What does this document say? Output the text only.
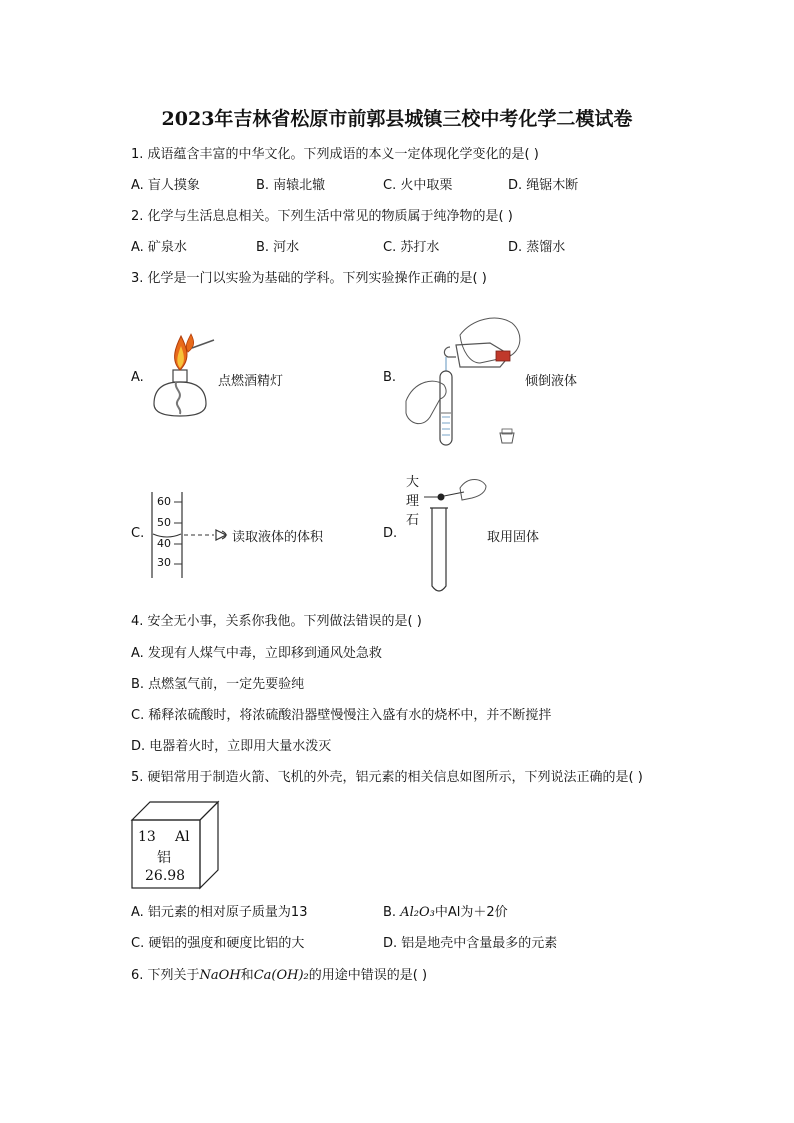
2023年吉林省松原市前郭县城镇三校中考化学二模试卷
1. 成语蕴含丰富的中华文化。下列成语的本义一定体现化学变化的是( )
A. 盲人摸象	B. 南辕北辙	C. 火中取栗	D. 绳锯木断
2. 化学与生活息息相关。下列生活中常见的物质属于纯净物的是( )
A. 矿泉水	B. 河水	C. 苏打水	D. 蒸馏水
3. 化学是一门以实验为基础的学科。下列实验操作正确的是( )
A.	点燃酒精灯	B.	倾倒液体
C.
60
50
40
30
读取液体的体积	D.
大
理
石
取用固体
4. 安全无小事，关系你我他。下列做法错误的是( )
A. 发现有人煤气中毒，立即移到通风处急救
B. 点燃氢气前，一定先要验纯
C. 稀释浓硫酸时，将浓硫酸沿器壁慢慢注入盛有水的烧杯中，并不断搅拌
D. 电器着火时，立即用大量水泼灭
5. 硬铝常用于制造火箭、飞机的外壳，铝元素的相关信息如图所示，下列说法正确的是( )
13 Al
铝
26.98
A. 铝元素的相对原子质量为13	B. Al₂O₃中Al为＋2价
C. 硬铝的强度和硬度比铝的大	D. 铝是地壳中含量最多的元素
6. 下列关于NaOH和Ca(OH)₂的用途中错误的是( )
